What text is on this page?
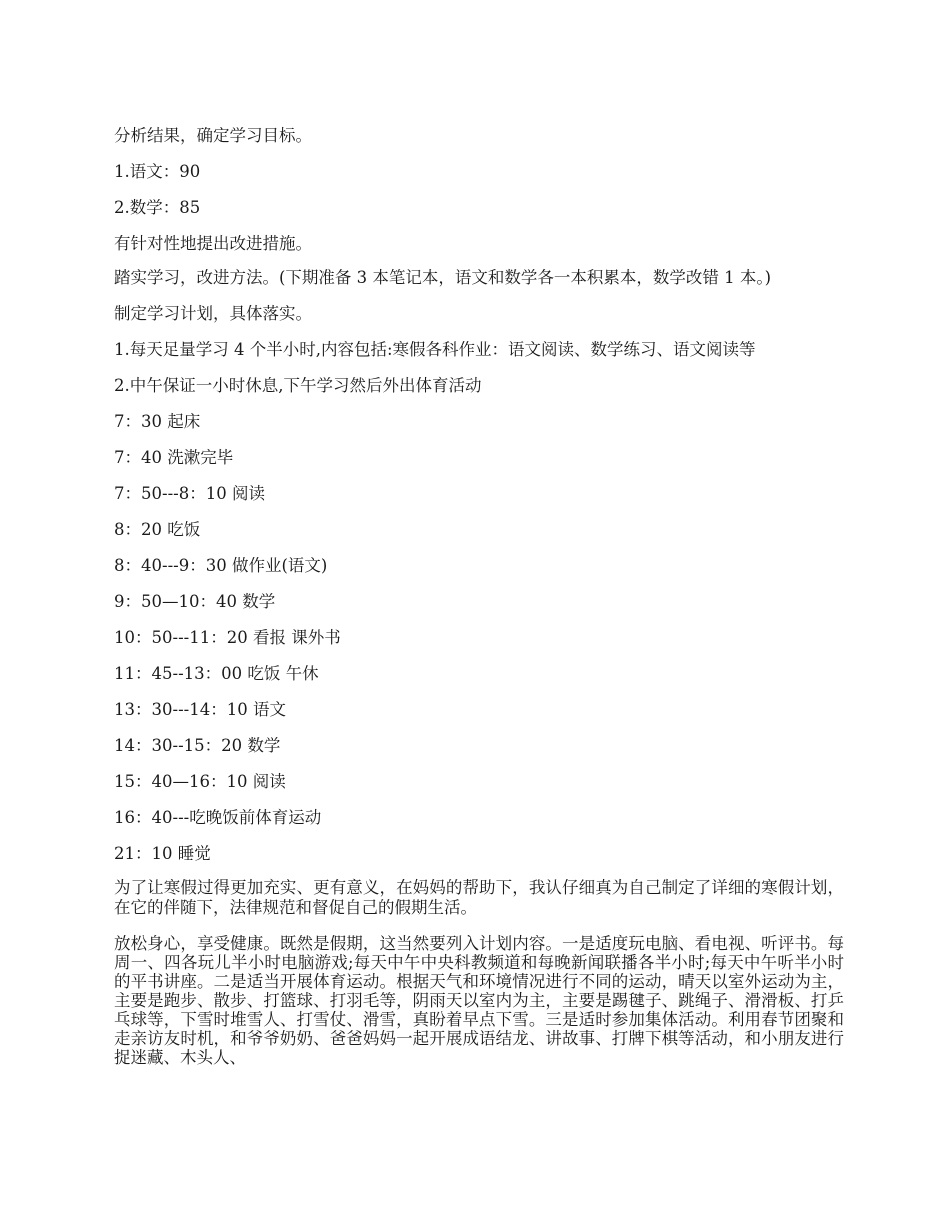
分析结果，确定学习目标。

1.语文：90

2.数学：85

有针对性地提出改进措施。

踏实学习，改进方法。(下期准备 3 本笔记本，语文和数学各一本积累本，数学改错 1 本。)

制定学习计划，具体落实。

1.每天足量学习 4 个半小时,内容包括:寒假各科作业：语文阅读、数学练习、语文阅读等

2.中午保证一小时休息,下午学习然后外出体育活动

7：30 起床

7：40 洗漱完毕

7：50---8：10 阅读

8：20 吃饭

8：40---9：30 做作业(语文)

9：50—10：40 数学

10：50---11：20 看报 课外书

11：45--13：00 吃饭 午休

13：30---14：10 语文

14：30--15：20 数学

15：40—16：10 阅读

16：40---吃晚饭前体育运动

21：10 睡觉

为了让寒假过得更加充实、更有意义，在妈妈的帮助下，我认仔细真为自己制定了详细的寒假计划，在它的伴随下，法律规范和督促自己的假期生活。

放松身心，享受健康。既然是假期，这当然要列入计划内容。一是适度玩电脑、看电视、听评书。每周一、四各玩儿半小时电脑游戏;每天中午中央科教频道和每晚新闻联播各半小时;每天中午听半小时的平书讲座。二是适当开展体育运动。根据天气和环境情况进行不同的运动，晴天以室外运动为主，主要是跑步、散步、打篮球、打羽毛等，阴雨天以室内为主，主要是踢毽子、跳绳子、滑滑板、打乒乓球等，下雪时堆雪人、打雪仗、滑雪，真盼着早点下雪。三是适时参加集体活动。利用春节团聚和走亲访友时机，和爷爷奶奶、爸爸妈妈一起开展成语结龙、讲故事、打牌下棋等活动，和小朋友进行捉迷藏、木头人、
